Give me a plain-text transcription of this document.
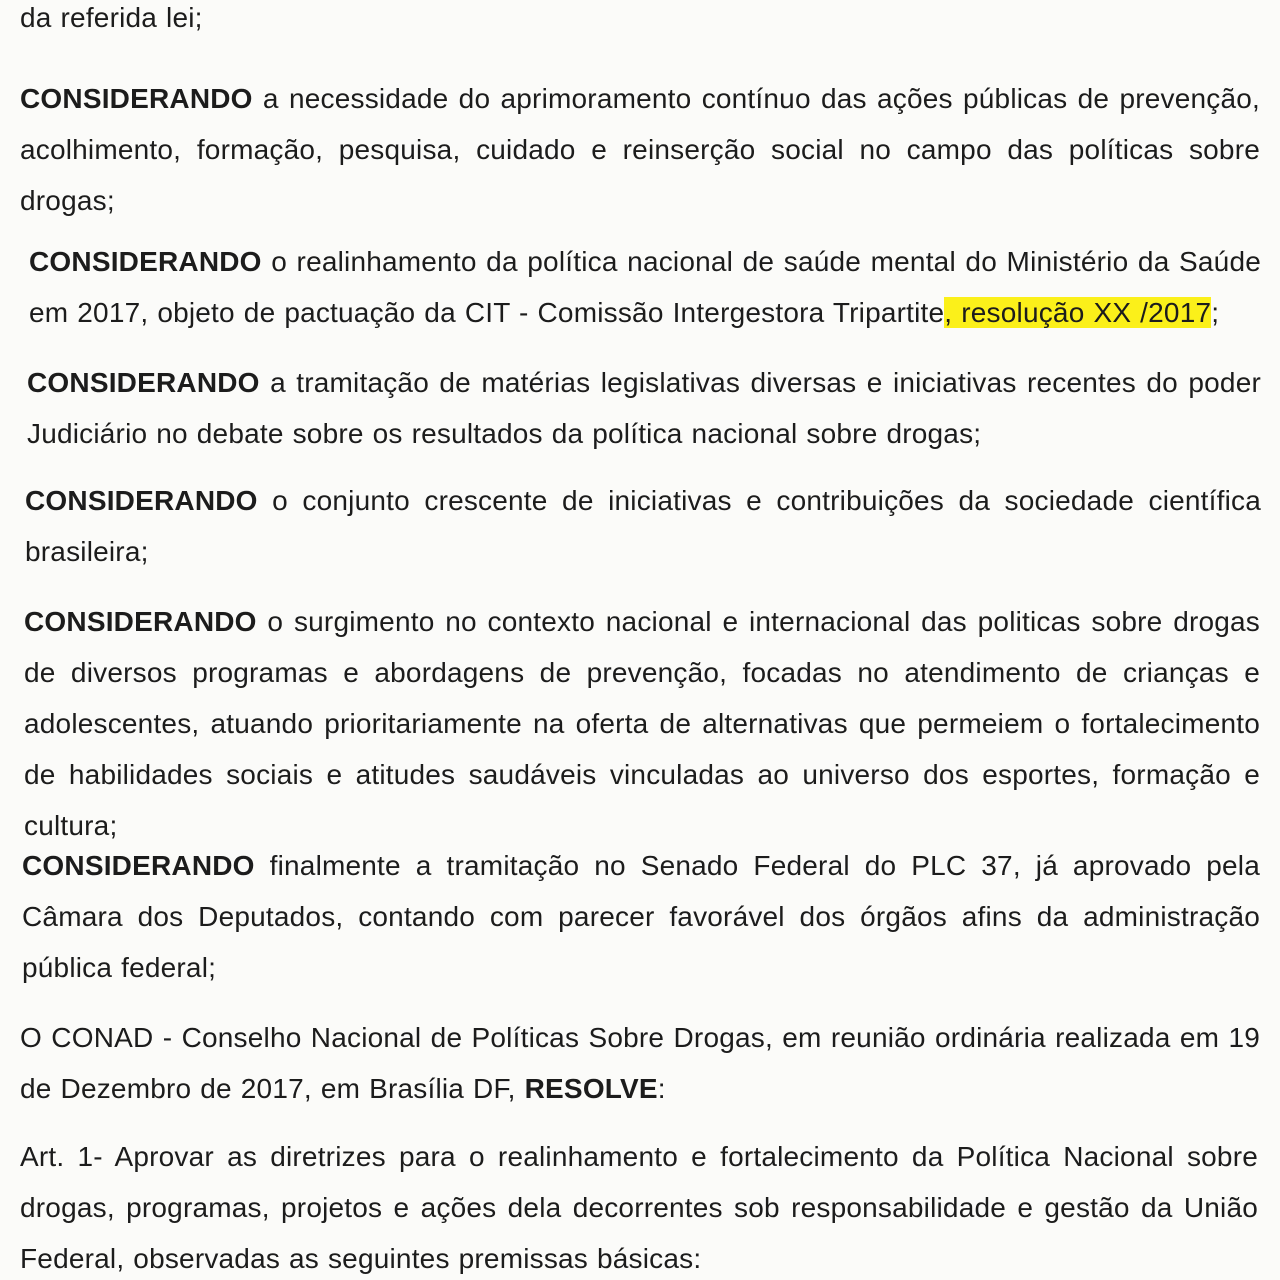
da referida lei;
CONSIDERANDO a necessidade do aprimoramento contínuo das ações públicas de prevenção, acolhimento, formação, pesquisa, cuidado e reinserção social no campo das políticas sobre drogas;
CONSIDERANDO o realinhamento da política nacional de saúde mental do Ministério da Saúde em 2017, objeto de pactuação da CIT - Comissão Intergestora Tripartite, resolução XX /2017;
CONSIDERANDO a tramitação de matérias legislativas diversas e iniciativas recentes do poder Judiciário no debate sobre os resultados da política nacional sobre drogas;
CONSIDERANDO o conjunto crescente de iniciativas e contribuições da sociedade científica brasileira;
CONSIDERANDO o surgimento no contexto nacional e internacional das politicas sobre drogas de diversos programas e abordagens de prevenção, focadas no atendimento de crianças e adolescentes, atuando prioritariamente na oferta de alternativas que permeiem o fortalecimento de habilidades sociais e atitudes saudáveis vinculadas ao universo dos esportes, formação e cultura;
CONSIDERANDO finalmente a tramitação no Senado Federal do PLC 37, já aprovado pela Câmara dos Deputados, contando com parecer favorável dos órgãos afins da administração pública federal;
O CONAD - Conselho Nacional de Políticas Sobre Drogas, em reunião ordinária realizada em 19 de Dezembro de 2017, em Brasília DF, RESOLVE:
Art. 1- Aprovar as diretrizes para o realinhamento e fortalecimento da Política Nacional sobre drogas, programas, projetos e ações dela decorrentes sob responsabilidade e gestão da União Federal, observadas as seguintes premissas básicas:
